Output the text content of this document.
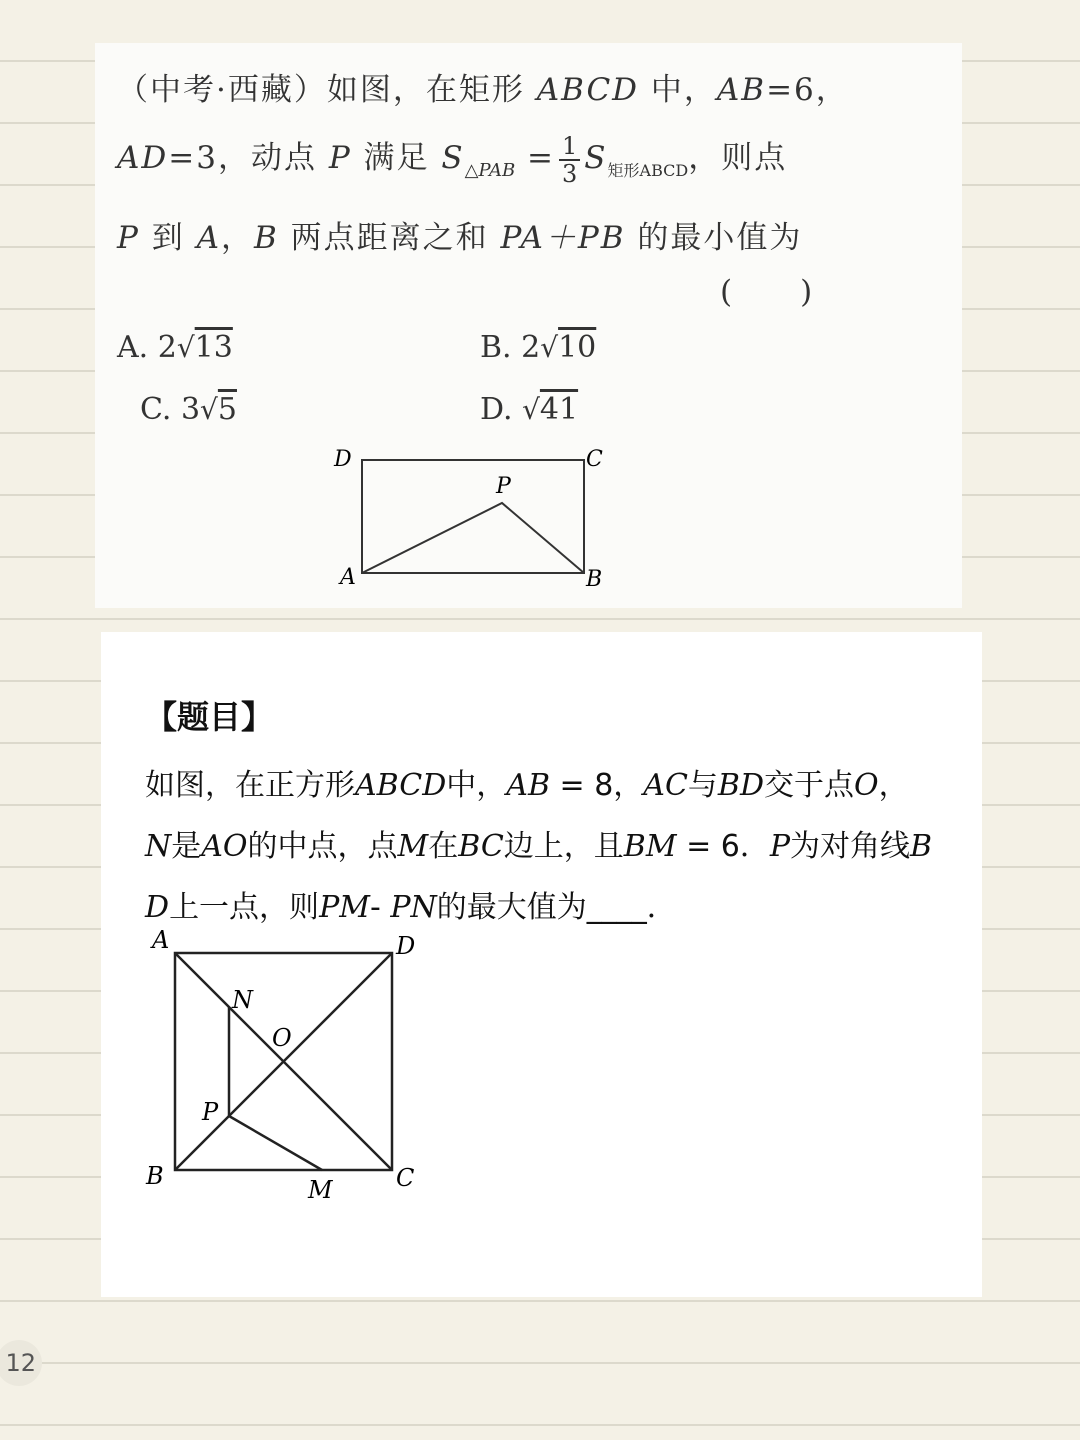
（中考·西藏）如图，在矩形 ABCD 中，AB=6，
AD=3，动点 P 满足 $S_{\triangle PAB} = \frac{1}{3} S_{矩形ABCD}$，则点
P 到 A，B 两点距离之和 PA＋PB 的最小值为
(　　)
A. 2√13	B. 2√10
C. 3√5	D. √41
D	C
P
A	B
【题目】
如图，在正方形ABCD中，AB = 8，AC与BD交于点O，
N是AO的中点，点M在BC边上，且BM = 6．P为对角线B
D上一点，则PM- PN的最大值为____．
A	D
N
O
P
B	M	C
12
